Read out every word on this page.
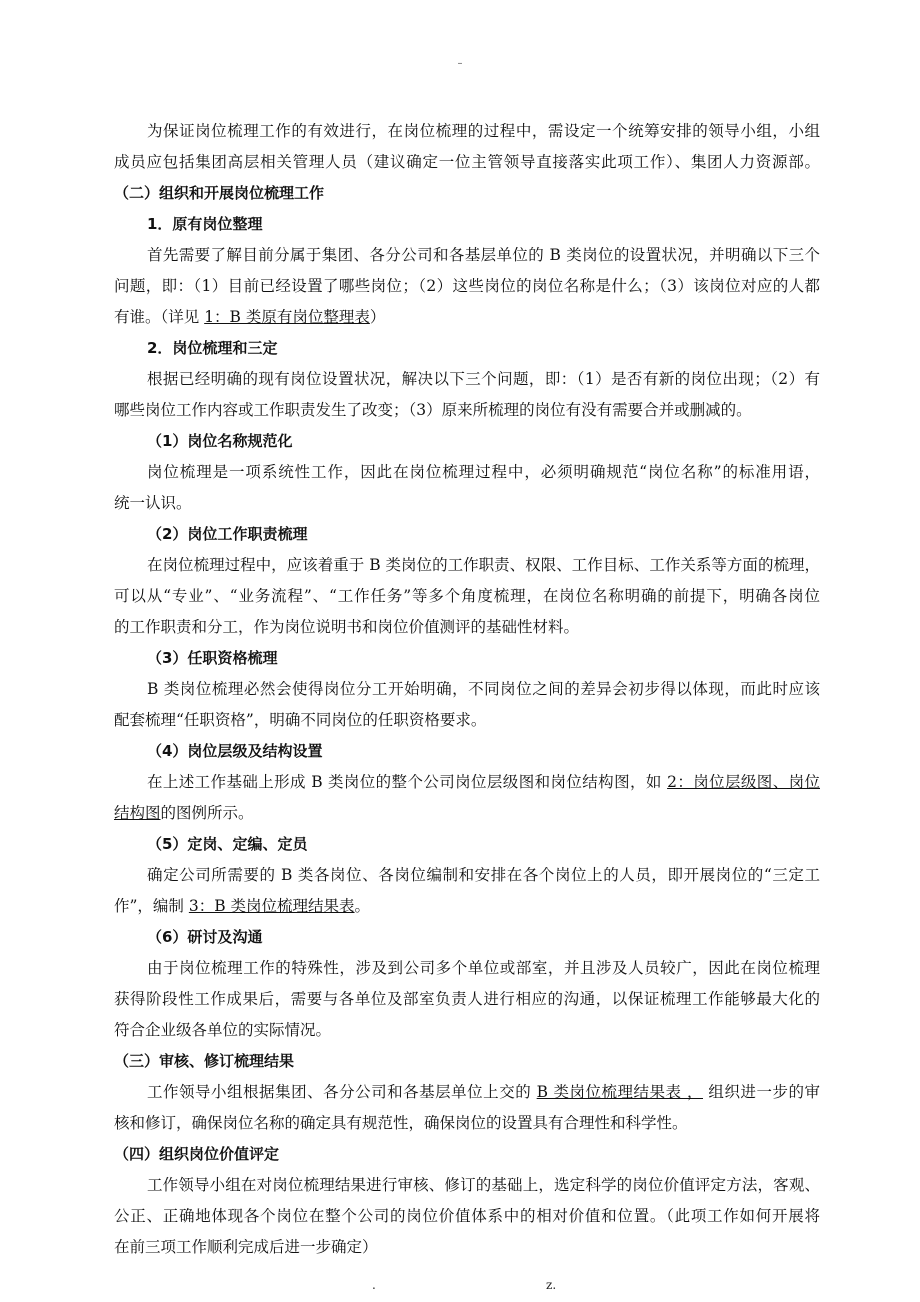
–
为保证岗位梳理工作的有效进行，在岗位梳理的过程中，需设定一个统筹安排的领导小组，小组
成员应包括集团高层相关管理人员（建议确定一位主管领导直接落实此项工作）、集团人力资源部。
（二）组织和开展岗位梳理工作
1．原有岗位整理
首先需要了解目前分属于集团、各分公司和各基层单位的 B 类岗位的设置状况，并明确以下三个
问题，即：（1）目前已经设置了哪些岗位；（2）这些岗位的岗位名称是什么；（3）该岗位对应的人都
有谁。（详见 1：B 类原有岗位整理表）
2．岗位梳理和三定
根据已经明确的现有岗位设置状况，解决以下三个问题，即：（1）是否有新的岗位出现；（2）有
哪些岗位工作内容或工作职责发生了改变；（3）原来所梳理的岗位有没有需要合并或删减的。
（1）岗位名称规范化
岗位梳理是一项系统性工作，因此在岗位梳理过程中，必须明确规范“岗位名称”的标准用语，
统一认识。
（2）岗位工作职责梳理
在岗位梳理过程中，应该着重于 B 类岗位的工作职责、权限、工作目标、工作关系等方面的梳理，
可以从“专业”、“业务流程”、“工作任务”等多个角度梳理，在岗位名称明确的前提下，明确各岗位
的工作职责和分工，作为岗位说明书和岗位价值测评的基础性材料。
（3）任职资格梳理
B 类岗位梳理必然会使得岗位分工开始明确，不同岗位之间的差异会初步得以体现，而此时应该
配套梳理“任职资格”，明确不同岗位的任职资格要求。
（4）岗位层级及结构设置
在上述工作基础上形成 B 类岗位的整个公司岗位层级图和岗位结构图，如 2：岗位层级图、岗位
结构图的图例所示。
（5）定岗、定编、定员
确定公司所需要的 B 类各岗位、各岗位编制和安排在各个岗位上的人员，即开展岗位的“三定工
作”，编制 3：B 类岗位梳理结果表。
（6）研讨及沟通
由于岗位梳理工作的特殊性，涉及到公司多个单位或部室，并且涉及人员较广，因此在岗位梳理
获得阶段性工作成果后，需要与各单位及部室负责人进行相应的沟通，以保证梳理工作能够最大化的
符合企业级各单位的实际情况。
（三）审核、修订梳理结果
工作领导小组根据集团、各分公司和各基层单位上交的 B 类岗位梳理结果表 ， 组织进一步的审
核和修订，确保岗位名称的确定具有规范性，确保岗位的设置具有合理性和科学性。
（四）组织岗位价值评定
工作领导小组在对岗位梳理结果进行审核、修订的基础上，选定科学的岗位价值评定方法，客观、
公正、正确地体现各个岗位在整个公司的岗位价值体系中的相对价值和位置。（此项工作如何开展将
在前三项工作顺利完成后进一步确定）
.	z.
